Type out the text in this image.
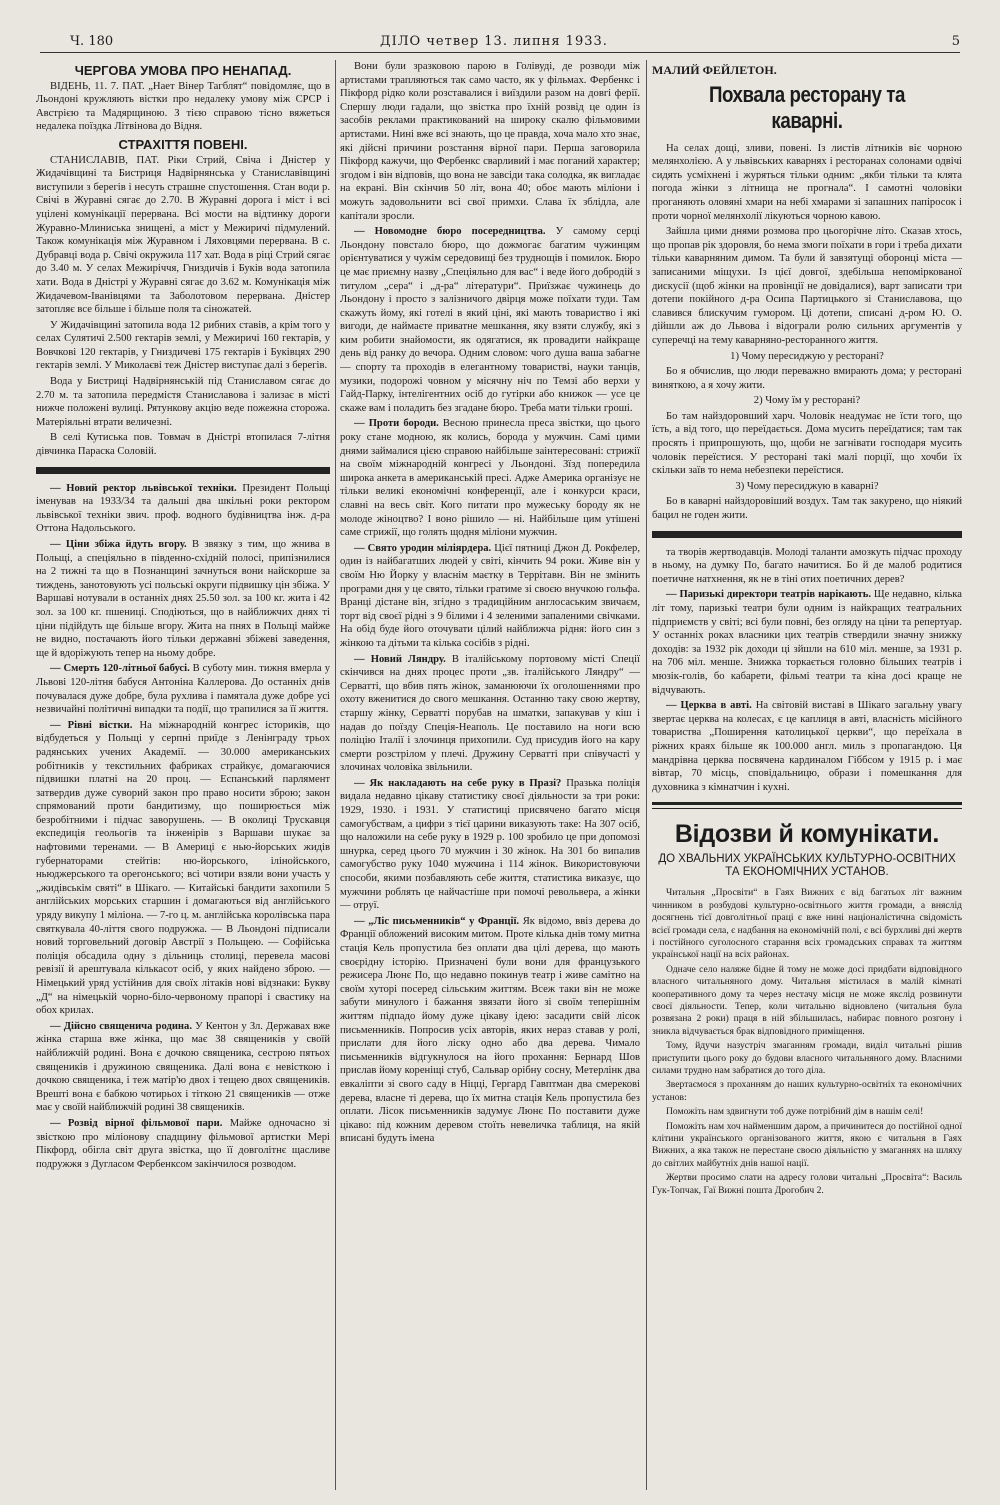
Ч. 180	ДІЛО четвер 13. липня 1933.	5
ЧЕРГОВА УМОВА ПРО НЕНАПАД.

ВІДЕНЬ, 11. 7. ПАТ. „Нает Вінер Тагблят“ повідомляє, що в Льондоні кружляють вістки про недалеку умову між СРСР і Австрією та Мадярщиною. З тією справою тісно вяжеться недалека поїздка Літвінова до Відня.

СТРАХІТТЯ ПОВЕНІ.

СТАНИСЛАВІВ, ПАТ. Ріки Стрий, Свіча і Дністер у Жидачівщині та Бистриця Надвірнянська у Станиславівщині виступили з берегів і несуть страшне спустошення. Стан води р. Свічі в Журавні сягає до 2.70. В Журавні дорога і міст і всі уцілені комунікації перервана. Всі мости на відтинку дороги Журавно-Млиниська знищені, а міст у Межиричі підмулений. Також комунікація між Журавном і Ляховцями перервана. В с. Дубравці вода р. Свічі окружила 117 хат. Вода в ріці Стрий сягає до 3.40 м. У селах Межиріччя, Гниздичів і Буків вода затопила хати. Вода в Дністрі у Журавні сягає до 3.62 м. Комунікація між Жидачевом-Іванівцями та Заболотовом перервана. Дністер затопляє все більше і більше поля та сіножатей.

У Жидачівщині затопила вода 12 рибних ставів, а крім того у селах Сулятичі 2.500 гектарів землі, у Межиричі 160 гектарів, у Вовчкові 120 гектарів, у Гниздичеві 175 гектарів і Буківцях 290 гектарів землі. У Миколаєві теж Дністер виступає далі з берегів.

Вода у Бистриці Надвірнянській під Станиславом сягає до 2.70 м. та затопила передмістя Станиславова і зализає в місті нижче положені вулиці. Рятункову акцію веде пожежна сторожа. Матеріяльні втрати величезні.

В селі Кутиська пов. Товмач в Дністрі втопилася 7-літня дівчинка Параска Соловій.

— Новий ректор львівської техніки. Президент Польщі іменував на 1933/34 та дальші два шкільні роки ректором львівської техніки звич. проф. водного будівництва інж. д-ра Оттона Надольського.

— Ціни збіжа йдуть вгору. В звязку з тим, що жнива в Польщі, а спеціяльно в південно-східній полосі, припізнилися на 2 тижні та що в Познанщині зачнуться вони найскорше за тиждень, занотовують усі польські округи підвишку цін збіжа. У Варшаві нотували в останніх днях 25.50 зол. за 100 кг. жита і 42 зол. за 100 кг. пшениці. Сподіються, що в найближчих днях ті ціни підійдуть ще більше вгору. Жита на пнях в Польщі майже не видно, постачають його тільки державні збіжеві заведення, ще й вдоріжують тепер на ньому добре.

— Смерть 120-літньої бабусі. В суботу мин. тижня вмерла у Львові 120-літня бабуся Антоніна Каллерова. До останніх днів почувалася дуже добре, була рухлива і памятала дуже добре усі незвичайні політичні випадки та події, що трапилися за її життя.

— Рівні вістки. На міжнародній конгрес істориків, що відбудеться у Польщі у серпні приїде з Ленінграду трьох радянських учених Академії. — 30.000 американських робітників у текстильних фабриках страйкує, домагаючися підвишки платні на 20 проц. — Еспанський парлямент затвердив дуже суворий закон про право носити зброю; закон спрямований проти бандитизму, що поширюється між безробітними і підчас заворушень. — В околиці Трускавця експедиція геольогів та інженірів з Варшави шукає за нафтовими теренами. — В Америці є нью-йорських жидів губернаторами стейтів: ню-йорського, ілінойського, ньюджерського та орегонського; всі чотири взяли вони участь у „жидівськім святі“ в Шікаго. — Китайські бандити захопили 5 англійських морських старшин і домагаються від англійського уряду викупу 1 міліона. — 7-го ц. м. англійська королівська пара святкувала 40-ліття свого подружжа. — В Льондоні підписали новий торговельний договір Австрії з Польщею. — Софійська поліція обсадила одну з дільниць столиці, перевела масові ревізії й арештувала кількасот осіб, у яких найдено зброю. — Німецький уряд устійнив для своїх літаків нові відзнаки: Букву „Д“ на німецькій чорно-біло-червоному прапорі і свастику на обох крилах.

— Дійсно священича родина. У Кентон у Зл. Державах вже жінка старша вже жінка, що має 38 священиків у своїй найближчій родині. Вона є дочкою священика, сестрою пятьох священиків і дружиною священика. Далі вона є невісткою і дочкою священика, і теж матір'ю двох і тещею двох священиків. Врешті вона є бабкою чотирьох і тіткою 21 священиків — отже має у своїй найближчій родині 38 священиків.

— Розвід вірної фільмової пари. Майже одночасно зі звісткою про міліонову спадщину фільмової артистки Мері Пікфорд, обігла світ друга звістка, що її довголітнє щасливе подружжя з Дугласом Фербенксом закінчилося розводом.

Вони були зразковою парою в Голівуді, де розводи між артистами трапляються так само часто, як у фільмах. Фербенкс і Пікфорд рідко коли розставалися і виїздили разом на довгі ферії. Спершу люди гадали, що звістка про їхній розвід це один із засобів реклами практикований на широку скалю фільмовими артистами. Нині вже всі знають, що це правда, хоча мало хто знає, які дійсні причини розстання вірної пари. Перша заговорила Пікфорд кажучи, що Фербенкс сварливий і має поганий характер; згодом і він відповів, що вона не завсіди така солодка, як вигладає на екрані. Він скінчив 50 літ, вона 40; обоє мають міліони і можуть задовольнити всі свої примхи. Слава їх зблідла, але капітали зросли.

— Новомодне бюро посередництва. У самому серці Льондону повстало бюро, що дожмогає багатим чужинцям орієнтуватися у чужім середовищі без труднощів і помилок. Бюро це має приємну назву „Спеціяльно для вас“ і веде його добродій з титулом „сера“ і „д-ра“ літератури“. Приїзжає чужинець до Льондону і просто з залізничого двірця може поїхати туди. Там скажуть йому, які готелі в який ціні, які мають товариство і які вигоди, де наймаєте приватне мешкання, яку взяти службу, які з ким робити знайомости, як одягатися, як провадити найкраще день від ранку до вечора. Одним словом: чого душа ваша забагне — спорту та проходів в елегантному товаристві, науки танців, музики, подорожі човном у місячну ніч по Темзі або верхи у Гайд-Парку, інтелігентних осіб до гутірки або книжок — усе це скаже вам і поладить без згадане бюро. Треба мати тільки гроші.

— Проти бороди. Весною принесла преса звістки, що цього року стане модною, як колись, борода у мужчин. Самі цими днями займалися цією справою найбільше заінтересовані: стрижії на своїм міжнародній конгресі у Льондоні. Зїзд попередила широка анкета в американській пресі. Адже Америка організує не тільки великі економічні конференції, але і конкурси краси, славні на весь світ. Кого питати про мужеську бороду як не молоде жіноцтво? І воно рішило — ні. Найбільше цим утішені саме стрижії, що голять щодня міліони мужчин.

— Свято уродин міліярдера. Цієї пятниці Джон Д. Рокфелер, один із найбагатших людей у світі, кінчить 94 роки. Живе він у своїм Ню Йорку у власнім маєтку в Террітавн. Він не змінить програми дня у це свято, тільки гратиме зі своєю внучкою гольфа. Вранці дістане він, згідно з традиційним англосаським звичаєм, торт від своєї рідні з 9 білими і 4 зеленими запаленими свічками. На обід буде його оточувати цілий найближча рідня: його син з жінкою та дітьми та кілька сосібів з рідні.

— Новий Ляндру. В італійському портовому місті Спеції скінчився на днях процес проти „зв. італійського Ляндру“ — Серватті, що вбив пять жінок, заманюючи їх оголошеннями про охоту вженитися до свого мешкання. Останню таку свою жертву, старшу жінку, Серватті порубав на шматки, запакував у кіш і надав до поїзду Спеція-Неаполь. Це поставило на ноги всю поліцію Італії і злочинця прихопили. Суд присудив його на кару смерти розстрілом у плечі. Дружину Серватті при співучасті у злочинах чоловіка звільнили.

— Як накладають на себе руку в Празі? Празька поліція видала недавно цікаву статистику своєї діяльности за три роки: 1929, 1930. і 1931. У статистиці присвячено багато місця самогубствам, а цифри з тієї царини виказують таке: На 307 осіб, що наложили на себе руку в 1929 р. 100 зробило це при допомозі шнурка, серед цього 70 мужчин і 30 жінок. На 301 бо випалив самогубство руку 1040 мужчина і 114 жінок. Використовуючи способи, якими позбавляють себе життя, статистика виказує, що мужчини роблять це найчастіше при помочі револьвера, а жінки — отруї.

— „Ліс письменників“ у Франції. Як відомо, ввіз дерева до Франції обложений високим митом. Проте кілька днів тому митна стація Кель пропустила без оплати два цілі дерева, що мають своєрідну історію. Призначені були вони для французького режисера Люнє По, що недавно покинув театр і живе самітно на своїм хуторі посеред сільським життям. Всеж таки він не може забути минулого і бажання звязати його зі своїм теперішнім життям підпадо йому дуже цікаву ідею: засадити свій лісок письменників. Попросив усіх авторів, яких нераз ставав у ролі, прислати для його ліску одно або два дерева. Чимало письменників відгукнулося на його прохання: Бернард Шов прислав йому кореніщі стуб, Сальвар орібну сосну, Метерлінк два евкаліпти зі свого саду в Ніцці, Гергард Гавптман два смерекові дерева, власне ті дерева, що їх митна стація Кель пропустила без оплати. Лісок письменників задумує Люнє По поставити дуже цікаво: під кожним деревом стоїть невеличка таблиця, на якій вписані будуть імена

МАЛИЙ ФЕЙЛЕТОН.
Похвала ресторану та каварні.

На селах дощі, зливи, повені. Із листів літників віє чорною мелянхолією. А у львівських каварнях і ресторанах солонами одвічі сидять усміхнені і журяться тільки одним: „якби тільки та клята погода жінки з літнища не прогнала“. І самотні чоловіки проганяють оловяні хмари на небі хмарами зі запашних папіросок і проти чорної мелянхолії лікуються чорною кавою.

Зайшла цими днями розмова про цьогорічне літо. Сказав хтось, що пропав рік здоровля, бо нема змоги поїхати в гори і треба дихати тільки каварняним димом. Та були й завзятущі оборонці міста — записаними міщухи. Із цієї довгої, здебільша непоміркованої дискусії (щоб жінки на провінції не довідалися), варт записати три дотепи покійного д-ра Осипа Партицького зі Станиславова, що славився блискучим гумором. Ці дотепи, списані д-ром Ю. О. дійшли аж до Львова і відограли ролю сильних аргументів у суперечці на тему каварняно-ресторанного життя.

1) Чому пересиджую у ресторані?

Бо я обчислив, що люди переважно вмирають дома; у ресторані виняткою, а я хочу жити.

2) Чому їм у ресторані?

Бо там найздоровший харч. Чоловік неадумає не їсти того, що їсть, а від того, що переїдається. Дома мусить переїдатися; там так просять і припрошують, що, щоби не загнівати господаря мусить чоловік переїстися. У ресторані такі малі порції, що хочби їх скільки заїв то нема небезпеки переїстися.

3) Чому пересиджую в каварні?

Бо в каварні найздоровіший воздух. Там так закурено, що ніякий бацил не годен жити.

та творів жертводавців. Молоді таланти амозкуть підчас проходу в ньому, на думку По, багато начитися. Бо й де малоб родитися поетичне натхнення, як не в тіні отих поетичних дерев?

— Паризькі директори театрів нарікають. Ще недавно, кілька літ тому, паризькі театри були одним із найкращих театральних підприємств у світі; всі були повні, без огляду на ціни та репертуар. У останніх роках власники цих театрів ствердили значну знижку доходів: за 1932 рік доходи ці зйшли на 610 міл. менше, за 1931 р. на 706 міл. менше. Знижка торкається головно більших театрів і мюзік-голів, бо кабарети, фільмі театри та кіна досі краще не відчувають.

— Церква в авті. На світовій виставі в Шікаго загальну увагу звертає церква на колесах, є це каплиця в авті, власність місійного товариства „Поширення католицької церкви“, що переїхала в ріжних краях більше як 100.000 англ. миль з пропагандою. Ця мандрівна церква посвячена кардиналом Гіббсом у 1915 р. і має вівтар, 70 місць, сповідальницю, образи і помешкання для духовника з кімнатчин і кухні.

Відозви й комунікати.
ДО ХВАЛЬНИХ УКРАЇНСЬКИХ КУЛЬТУРНО-ОСВІТНИХ ТА ЕКОНОМІЧНИХ УСТАНОВ.

Читальня „Просвіти“ в Гаях Вижних є від багатьох літ важним чинником в розбудові культурно-освітнього життя громади, а вняслід досягнень тієї довголітньої праці є вже нині націоналістична свідомість всієї громади села, є надбання на економічній полі, є всі бурхливі дні жертв і постійного суголосного старання всіх громадських справах та життям української нації на всіх районах.

Одначе село наляже бідне й тому не може досі придбати відповідного власного читальняного дому. Читальня містилася в малій кімнаті кооперативного дому та через нестачу місця не може якслід розвинути своєї діяльности. Тепер, коли читальню відновлено (читальня була розвязана 2 роки) праця в ній збільшилась, набирає повного розгону і зникла відчувається брак відповідного приміщення.

Тому, йдучи назустріч змаганням громади, виділ читальні рішив приступити цього року до будови власного читальняного дому. Власними силами трудно нам забратися до того діла.

Звертаємося з проханням до наших культурно-освітніх та економічних установ:

Поможіть нам здвигнути тоб дуже потрібний дім в нашім селі!

Поможіть нам хоч найменшим даром, а причинитеся до постійної одної клітини українського організованого життя, якою є читальня в Гаях Вижних, а яка також не перестане своєю діяльністю у змаганнях на шляху до світлих майбутніх днів нашої нації.

Жертви просимо слати на адресу голови читальні „Просвіта“: Василь Гук-Топчак, Гаї Вижні пошта Дрогобич 2.
